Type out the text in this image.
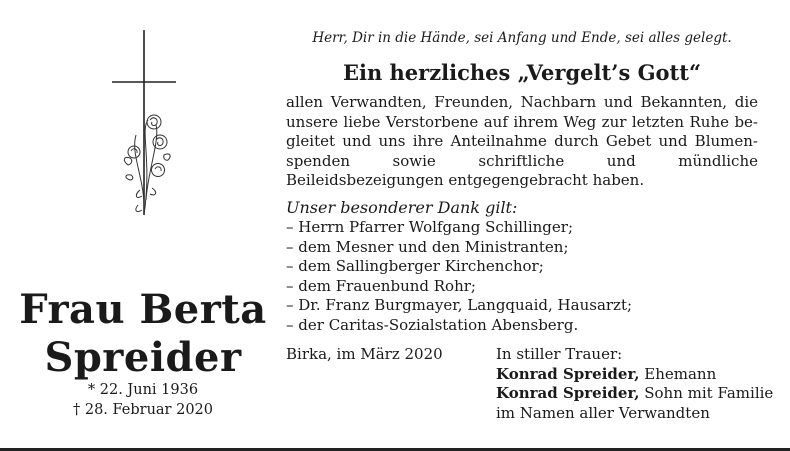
Frau Berta
Spreider
* 22. Juni 1936
† 28. Februar 2020
Herr, Dir in die Hände, sei Anfang und Ende, sei alles gelegt.
Ein herzliches „Vergelt’s Gott“
allen Verwandten, Freunden, Nachbarn und Bekannten, die unsere liebe Verstorbene auf ihrem Weg zur letzten Ruhe begleitet und uns ihre Anteilnahme durch Gebet und Blumenspenden sowie schriftliche und mündliche Beileidsbezeigungen entgegengebracht haben.
Unser besonderer Dank gilt:
– Herrn Pfarrer Wolfgang Schillinger;
– dem Mesner und den Ministranten;
– dem Sallingberger Kirchenchor;
– dem Frauenbund Rohr;
– Dr. Franz Burgmayer, Langquaid, Hausarzt;
– der Caritas-Sozialstation Abensberg.
Birka, im März 2020	In stiller Trauer:
Konrad Spreider, Ehemann
Konrad Spreider, Sohn mit Familie
im Namen aller Verwandten
